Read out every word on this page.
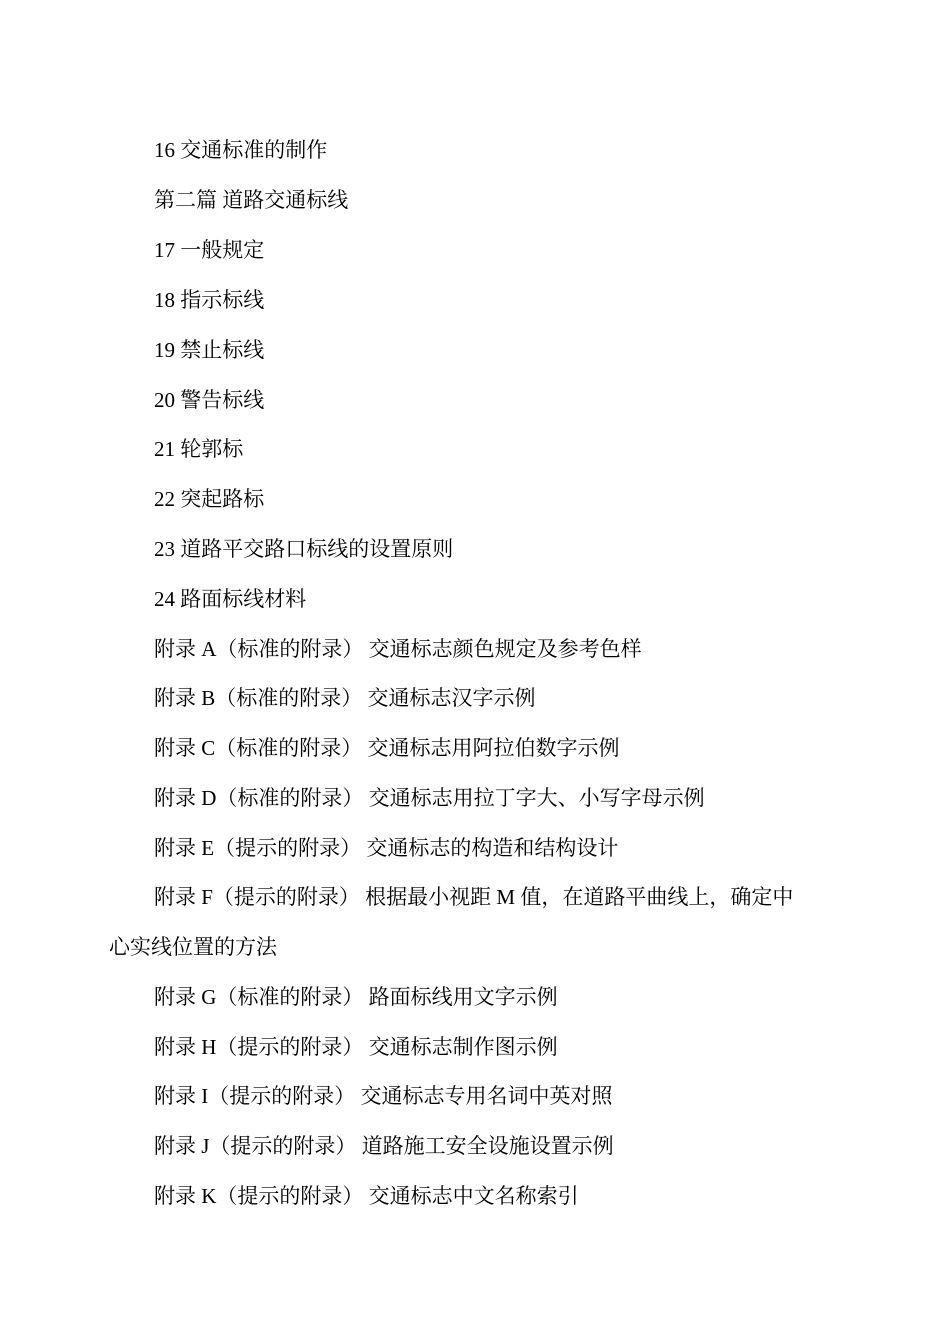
16 交通标准的制作
第二篇 道路交通标线
17 一般规定
18 指示标线
19 禁止标线
20 警告标线
21 轮郭标
22 突起路标
23 道路平交路口标线的设置原则
24 路面标线材料
附录 A（标准的附录） 交通标志颜色规定及参考色样
附录 B（标准的附录） 交通标志汉字示例
附录 C（标准的附录） 交通标志用阿拉伯数字示例
附录 D（标准的附录） 交通标志用拉丁字大、小写字母示例
附录 E（提示的附录） 交通标志的构造和结构设计
附录 F（提示的附录） 根据最小视距 M 值，在道路平曲线上，确定中
心实线位置的方法
附录 G（标准的附录） 路面标线用文字示例
附录 H（提示的附录） 交通标志制作图示例
附录 I（提示的附录） 交通标志专用名词中英对照
附录 J（提示的附录） 道路施工安全设施设置示例
附录 K（提示的附录） 交通标志中文名称索引
